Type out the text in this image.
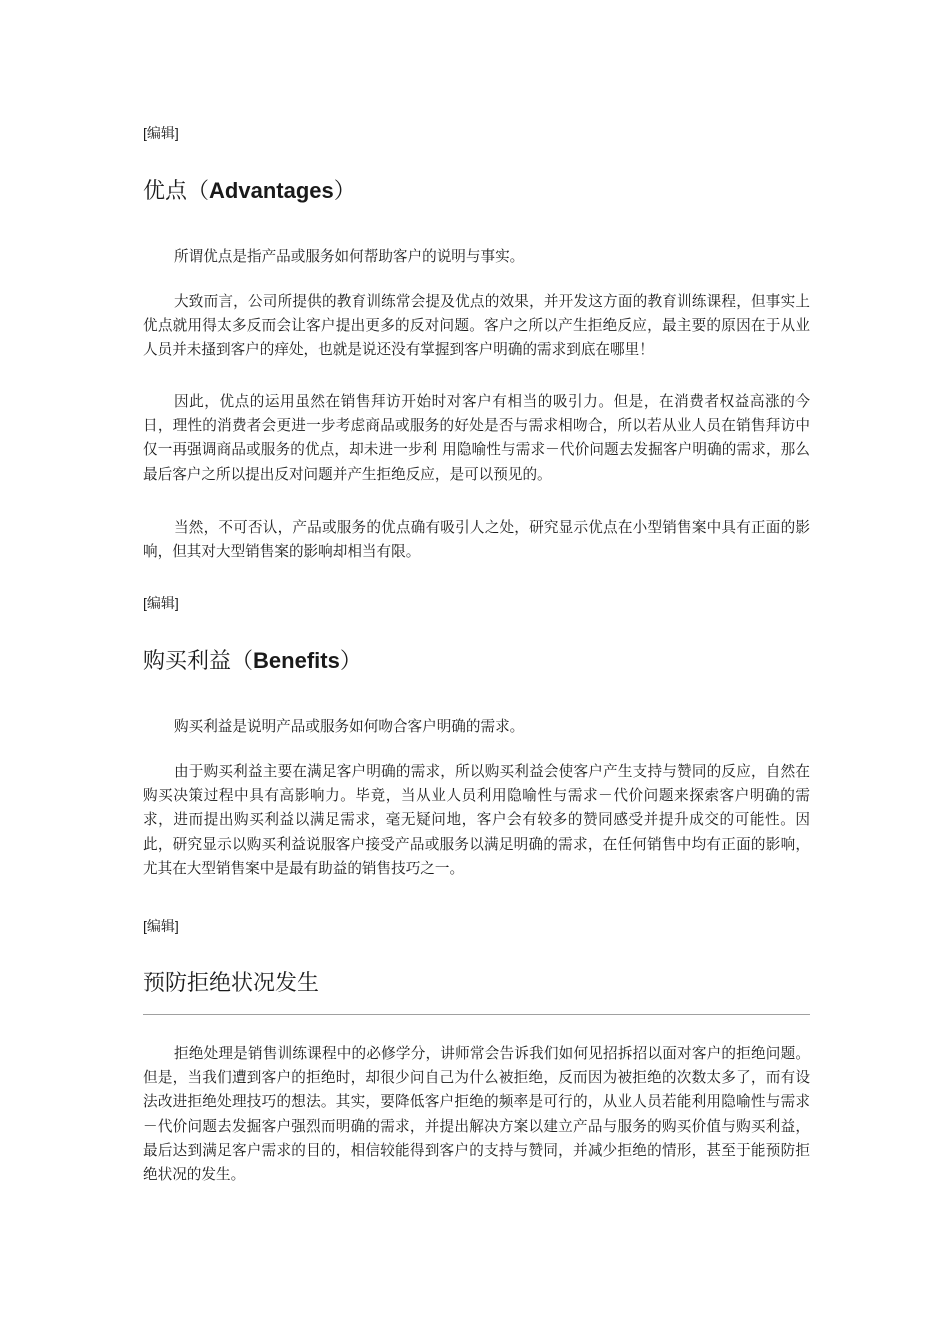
[编辑]
优点（Advantages）

所谓优点是指产品或服务如何帮助客户的说明与事实。

大致而言，公司所提供的教育训练常会提及优点的效果，并开发这方面的教育训练课程，但事实上优点就用得太多反而会让客户提出更多的反对问题。客户之所以产生拒绝反应，最主要的原因在于从业人员并未搔到客户的痒处，也就是说还没有掌握到客户明确的需求到底在哪里！

因此，优点的运用虽然在销售拜访开始时对客户有相当的吸引力。但是，在消费者权益高涨的今日，理性的消费者会更进一步考虑商品或服务的好处是否与需求相吻合，所以若从业人员在销售拜访中仅一再强调商品或服务的优点，却未进一步利 用隐喻性与需求－代价问题去发掘客户明确的需求，那么最后客户之所以提出反对问题并产生拒绝反应，是可以预见的。

当然，不可否认，产品或服务的优点确有吸引人之处，研究显示优点在小型销售案中具有正面的影响，但其对大型销售案的影响却相当有限。

[编辑]
购买利益（Benefits）

购买利益是说明产品或服务如何吻合客户明确的需求。

由于购买利益主要在满足客户明确的需求，所以购买利益会使客户产生支持与赞同的反应，自然在购买决策过程中具有高影响力。毕竟，当从业人员利用隐喻性与需求－代价问题来探索客户明确的需求，进而提出购买利益以满足需求，毫无疑问地，客户会有较多的赞同感受并提升成交的可能性。因此，研究显示以购买利益说服客户接受产品或服务以满足明确的需求，在任何销售中均有正面的影响，尤其在大型销售案中是最有助益的销售技巧之一。

[编辑]
预防拒绝状况发生

拒绝处理是销售训练课程中的必修学分，讲师常会告诉我们如何见招拆招以面对客户的拒绝问题。但是，当我们遭到客户的拒绝时，却很少问自己为什么被拒绝，反而因为被拒绝的次数太多了，而有设法改进拒绝处理技巧的想法。其实，要降低客户拒绝的频率是可行的，从业人员若能利用隐喻性与需求－代价问题去发掘客户强烈而明确的需求，并提出解决方案以建立产品与服务的购买价值与购买利益，最后达到满足客户需求的目的，相信较能得到客户的支持与赞同，并减少拒绝的情形，甚至于能预防拒绝状况的发生。
